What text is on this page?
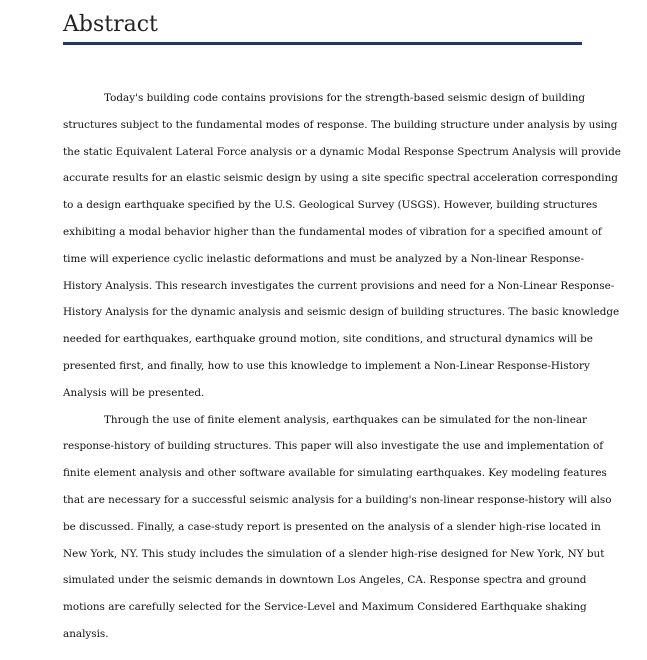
Abstract
Today's building code contains provisions for the strength-based seismic design of building
structures subject to the fundamental modes of response. The building structure under analysis by using
the static Equivalent Lateral Force analysis or a dynamic Modal Response Spectrum Analysis will provide
accurate results for an elastic seismic design by using a site specific spectral acceleration corresponding
to a design earthquake specified by the U.S. Geological Survey (USGS). However, building structures
exhibiting a modal behavior higher than the fundamental modes of vibration for a specified amount of
time will experience cyclic inelastic deformations and must be analyzed by a Non-linear Response-
History Analysis. This research investigates the current provisions and need for a Non-Linear Response-
History Analysis for the dynamic analysis and seismic design of building structures. The basic knowledge
needed for earthquakes, earthquake ground motion, site conditions, and structural dynamics will be
presented first, and finally, how to use this knowledge to implement a Non-Linear Response-History
Analysis will be presented.
Through the use of finite element analysis, earthquakes can be simulated for the non-linear
response-history of building structures. This paper will also investigate the use and implementation of
finite element analysis and other software available for simulating earthquakes. Key modeling features
that are necessary for a successful seismic analysis for a building's non-linear response-history will also
be discussed. Finally, a case-study report is presented on the analysis of a slender high-rise located in
New York, NY. This study includes the simulation of a slender high-rise designed for New York, NY but
simulated under the seismic demands in downtown Los Angeles, CA. Response spectra and ground
motions are carefully selected for the Service-Level and Maximum Considered Earthquake shaking
analysis.
